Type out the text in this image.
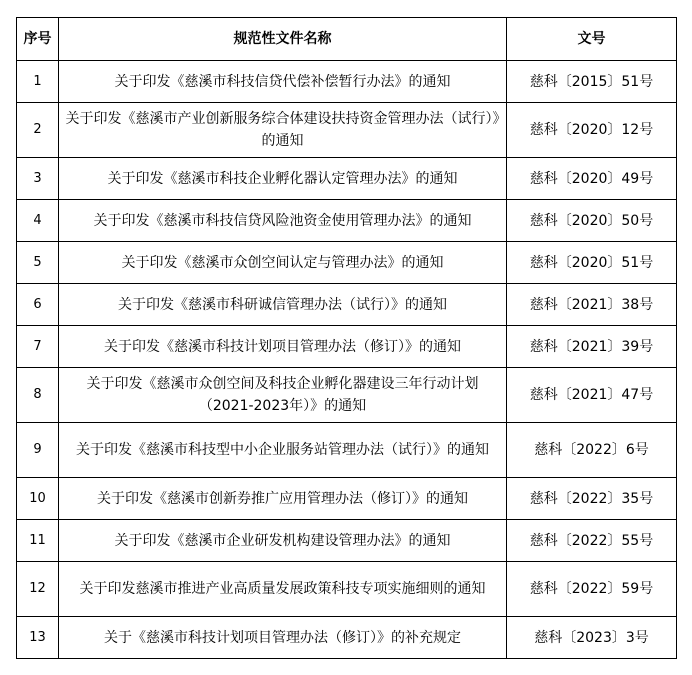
序号	规范性文件名称	文号
1	关于印发《慈溪市科技信贷代偿补偿暂行办法》的通知	慈科〔2015〕51号
2	关于印发《慈溪市产业创新服务综合体建设扶持资金管理办法（试行）》的通知	慈科〔2020〕12号
3	关于印发《慈溪市科技企业孵化器认定管理办法》的通知	慈科〔2020〕49号
4	关于印发《慈溪市科技信贷风险池资金使用管理办法》的通知	慈科〔2020〕50号
5	关于印发《慈溪市众创空间认定与管理办法》的通知	慈科〔2020〕51号
6	关于印发《慈溪市科研诚信管理办法（试行）》的通知	慈科〔2021〕38号
7	关于印发《慈溪市科技计划项目管理办法（修订）》的通知	慈科〔2021〕39号
8	关于印发《慈溪市众创空间及科技企业孵化器建设三年行动计划（2021-2023年）》的通知	慈科〔2021〕47号
9	关于印发《慈溪市科技型中小企业服务站管理办法（试行）》的通知	慈科〔2022〕6号
10	关于印发《慈溪市创新券推广应用管理办法（修订）》的通知	慈科〔2022〕35号
11	关于印发《慈溪市企业研发机构建设管理办法》的通知	慈科〔2022〕55号
12	关于印发慈溪市推进产业高质量发展政策科技专项实施细则的通知	慈科〔2022〕59号
13	关于《慈溪市科技计划项目管理办法（修订）》的补充规定	慈科〔2023〕3号
